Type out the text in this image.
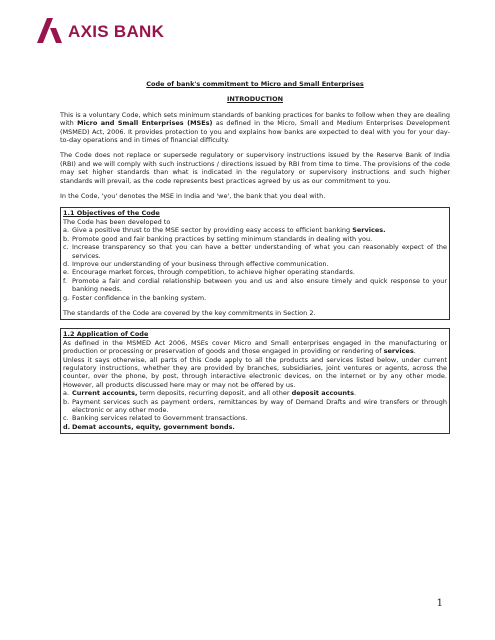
AXIS BANK
Code of bank's commitment to Micro and Small Enterprises
INTRODUCTION

This is a voluntary Code, which sets minimum standards of banking practices for banks to follow when they are dealing with Micro and Small Enterprises (MSEs) as defined in the Micro, Small and Medium Enterprises Development (MSMED) Act, 2006. It provides protection to you and explains how banks are expected to deal with you for your day-to-day operations and in times of financial difficulty.

The Code does not replace or supersede regulatory or supervisory instructions issued by the Reserve Bank of India (RBI) and we will comply with such instructions / directions issued by RBI from time to time. The provisions of the code may set higher standards than what is indicated in the regulatory or supervisory instructions and such higher standards will prevail, as the code represents best practices agreed by us as our commitment to you.

In the Code, 'you' denotes the MSE in India and 'we', the bank that you deal with.

1.1 Objectives of the Code
The Code has been developed to
a. Give a positive thrust to the MSE sector by providing easy access to efficient banking Services.
b. Promote good and fair banking practices by setting minimum standards in dealing with you.
c. Increase transparency so that you can have a better understanding of what you can reasonably expect of the services.
d. Improve our understanding of your business through effective communication.
e. Encourage market forces, through competition, to achieve higher operating standards.
f. Promote a fair and cordial relationship between you and us and also ensure timely and quick response to your banking needs.
g. Foster confidence in the banking system.
The standards of the Code are covered by the key commitments in Section 2.
1.2 Application of Code
As defined in the MSMED Act 2006, MSEs cover Micro and Small enterprises engaged in the manufacturing or production or processing or preservation of goods and those engaged in providing or rendering of services.
Unless it says otherwise, all parts of this Code apply to all the products and services listed below, under current regulatory instructions, whether they are provided by branches, subsidiaries, joint ventures or agents, across the counter, over the phone, by post, through interactive electronic devices, on the internet or by any other mode. However, all products discussed here may or may not be offered by us.
a. Current accounts, term deposits, recurring deposit, and all other deposit accounts.
b. Payment services such as payment orders, remittances by way of Demand Drafts and wire transfers or through electronic or any other mode.
c. Banking services related to Government transactions.
d. Demat accounts, equity, government bonds.
1
